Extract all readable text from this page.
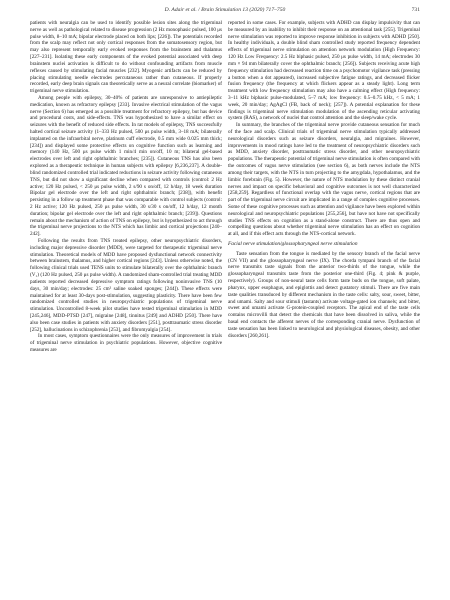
D. Adair et al. / Brain Stimulation 13 (2020) 717–750	731

patients with neuralgia can be used to identify possible lesion sites along the trigeminal nerve as well as pathological related to disease progression (2 Hz monophasic pulsed, 100 μs pulse width, 8–10 mA; bipolar electrode placed on both lips; [226]). The potentials recorded from the scalp may reflect not only cortical responses from the somatosensory region, but may also represent temporally early evoked responses from the brainstem and thalamus [227–231]. Isolating these early components of the evoked potential associated with deep brainstem nuclei activation is difficult to do without confounding artifacts from muscle reflexes caused by stimulating facial muscles [232]. Myogenic artifacts can be reduced by placing stimulating needle electrodes percutaneous rather than cutaneous. If properly recorded, early deep brain signals can theoretically serve as a neural correlate (biomarker) of trigeminal nerve stimulation.

Among people with epilepsy, 30–40% of patients are unresponsive to antiepileptic medication, known as refractory epilepsy [233]. Invasive electrical stimulation of the vagus nerve (Section 6) has emerged as a possible treatment for refractory epilepsy, but has device and procedural costs, and side-effects. TNS was hypothesized to have a similar effect on seizures with the benefit of reduced side effects. In rat models of epilepsy, TNS successfully halted cortical seizure activity (1–333 Hz pulsed, 500 μs pulse width, 3–18 mA; bilaterally implanted on the infraorbital nerve, platinum cuff electrode, 0.5 mm wide 0.025 mm thick; [234]) and displayed some protective effects on cognitive function such as learning and memory (140 Hz, 500 μs pulse width 1 min/4 min on/off, 10 m; bilateral gel-based electrodes over left and right ophthalmic branches; [235]). Cutaneous TNS has also been explored as a therapeutic technique in human subjects with epilepsy [6,236,237]. A double-blind randomized controlled trial indicated reductions in seizure activity following cutaneous TNS, but did not show a significant decline when compared with controls (control: 2 Hz active; 120 Hz pulsed, < 250 μs pulse width, 2 s/90 s on/off, 12 h/day, 18 week duration Bipolar gel electrode over the left and right ophthalmic branch; [238]), with benefit persisting in a follow up treatment phase that was comparable with control subjects (control: 2 Hz active; 120 Hz pulsed, 250 μs pulse width, 30 s/30 s on/off, 12 h/day, 12 month duration; bipolar gel electrode over the left and right ophthalmic branch; [239]). Questions remain about the mechanism of action of TNS on epilepsy, but is hypothesized to act through the trigeminal nerve projections to the NTS which has limbic and cortical projections [240–242].

Following the results from TNS treated epilepsy, other neuropsychiatric disorders, including major depressive disorder (MDD), were targeted for therapeutic trigeminal nerve stimulation. Theoretical models of MDD have proposed dysfunctional network connectivity between brainstem, thalamus, and higher cortical regions [243]. Unless otherwise noted, the following clinical trials used TENS units to stimulate bilaterally over the ophthalmic branch (V₁) (120 Hz pulsed, 250 μs pulse width). A randomized sham-controlled trial treating MDD patients reported decreased depressive symptom ratings following noninvasive TNS (10 days, 30 min/day; electrodes: 25 cm² saline soaked sponges; [244]). These effects were maintained for at least 30-days post-stimulation, suggesting plasticity. There have been few randomized controlled studies in neuropsychiatric populations of trigeminal nerve stimulation. Uncontrolled 8-week pilot studies have tested trigeminal stimulation in MDD [245,246], MDD-PTSD [247], migraine [248], tinnitus [249] and ADHD [250]. There have also been case studies in patients with anxiety disorders [251], posttraumatic stress disorder [252], hallucinations in schizophrenia [253], and fibromyalgia [254].

In most cases, symptom questionnaires were the only measures of improvement in trials of trigeminal nerve stimulation in psychiatric populations. However, objective cognitive measures are

reported in some cases. For example, subjects with ADHD can display impulsivity that can be measured by an inability to inhibit their response on an attentional task [255]. Trigeminal nerve stimulation was reported to improve response inhibition in subjects with ADHD [250]. In healthy individuals, a double blind sham controlled study reported frequency dependent effects of trigeminal nerve stimulation on attention network modulation (High Frequency: 120 Hz Low Frequency: 2.5 Hz biphasic pulsed, 250 μs pulse width, 14 mA; electrodes 30 mm × 94 mm bilaterally cover the ophthalmic branch; [256]). Subjects receiving acute high frequency stimulation had decreased reaction time on a psychomotor vigilance task (pressing a button when a dot appeared), increased subjective fatigue ratings, and decreased flicker fusion frequency (the frequency at which flickers appear as a steady light). Long term treatment with low frequency stimulation may also have a calming effect (High frequency: 3–11 kHz biphasic pulse-modulated, 5–7 mA; low frequency: 0.5–0.75 kHz, < 5 mA; 1 week, 20 min/day; AgAgCl (FB, back of neck); [257]). A potential explanation for these findings is trigeminal nerve stimulation modulation of the ascending reticular activating system (RAS), a network of nuclei that control attention and the sleep/wake cycle.

In summary, the branches of the trigeminal nerve provide cutaneous sensation for much of the face and scalp. Clinical trials of trigeminal nerve stimulation typically addressed neurological disorders such as seizure disorders, neuralgia, and migraines. However, improvements in mood ratings have led to the treatment of neuropsychiatric disorders such as MDD, anxiety disorder, posttraumatic stress disorder, and other neuropsychiatric populations. The therapeutic potential of trigeminal nerve stimulation is often compared with the outcomes of vagus nerve stimulation (see section 6), as both nerves include the NTS among their targets, with the NTS in turn projecting to the amygdala, hypothalamus, and the limbic forebrain (Fig. 5). However, the nature of NTS modulation by these distinct cranial nerves and impact on specific behavioral and cognitive outcomes is not well characterized [258,259]. Regardless of functional overlap with the vagus nerve, cortical regions that are part of the trigeminal nerve circuit are implicated in a range of complex cognitive processes. Some of these cognitive processes such as attention and vigilance have been explored within neurological and neuropsychiatric populations [255,256], but have not have not specifically studies TNS effects on cognition as a stand-alone construct. There are thus open and compelling questions about whether trigeminal nerve stimulation has an effect on cognition at all, and if this effect acts through the NTS-cortical network.

Facial nerve stimulation/glossopharyngeal nerve stimulation

Taste sensation from the tongue is mediated by the sensory branch of the facial nerve (CN VII) and the glossopharyngeal nerve (IX). The chorda tympani branch of the facial nerve transmits taste signals from the anterior two-thirds of the tongue, while the glossopharyngeal transmits taste from the posterior one-third (Fig. 4; pink & purple, respectively). Groups of non-neural taste cells form taste buds on the tongue, soft palate, pharynx, upper esophagus, and epiglottis and detect gustatory stimuli. There are five main taste qualities transduced by different mechanism in the taste cells: salty, sour, sweet, bitter, and umami. Salty and sour stimuli (tastants) activate voltage-gated ion channels; and bitter, sweet and umami activate G-protein-coupled receptors. The apical end of the taste cells contains microvilli that detect the chemicals that have been dissolved in saliva, while the basal end contacts the afferent nerves of the corresponding cranial nerve. Dysfunction of taste sensation has been linked to neurological and physiological diseases, obesity, and other disorders [260,261].
